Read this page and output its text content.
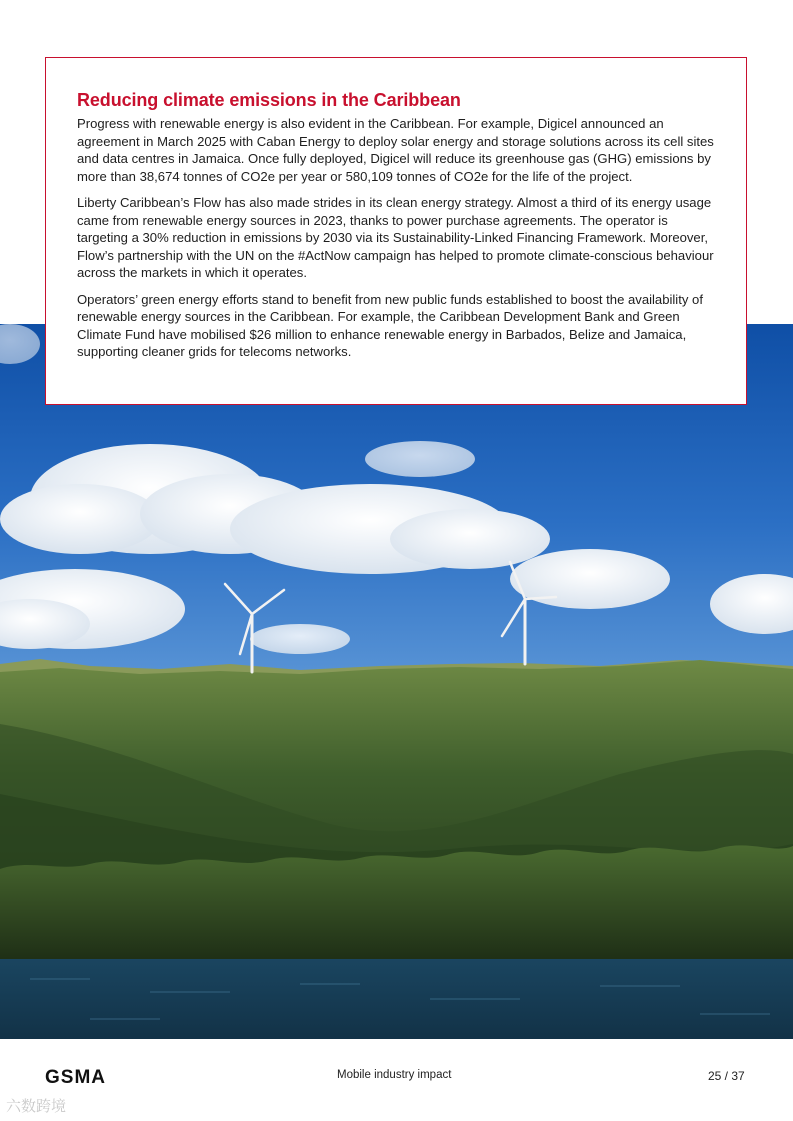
Reducing climate emissions in the Caribbean

Progress with renewable energy is also evident in the Caribbean. For example, Digicel announced an agreement in March 2025 with Caban Energy to deploy solar energy and storage solutions across its cell sites and data centres in Jamaica. Once fully deployed, Digicel will reduce its greenhouse gas (GHG) emissions by more than 38,674 tonnes of CO2e per year or 580,109 tonnes of CO2e for the life of the project.

Liberty Caribbean’s Flow has also made strides in its clean energy strategy. Almost a third of its energy usage came from renewable energy sources in 2023, thanks to power purchase agreements. The operator is targeting a 30% reduction in emissions by 2030 via its Sustainability-Linked Financing Framework. Moreover, Flow’s partnership with the UN on the #ActNow campaign has helped to promote climate-conscious behaviour across the markets in which it operates.

Operators’ green energy efforts stand to benefit from new public funds established to boost the availability of renewable energy sources in the Caribbean. For example, the Caribbean Development Bank and Green Climate Fund have mobilised $26 million to enhance renewable energy in Barbados, Belize and Jamaica, supporting cleaner grids for telecoms networks.

GSMA	Mobile industry impact	25 / 37
六数跨境
